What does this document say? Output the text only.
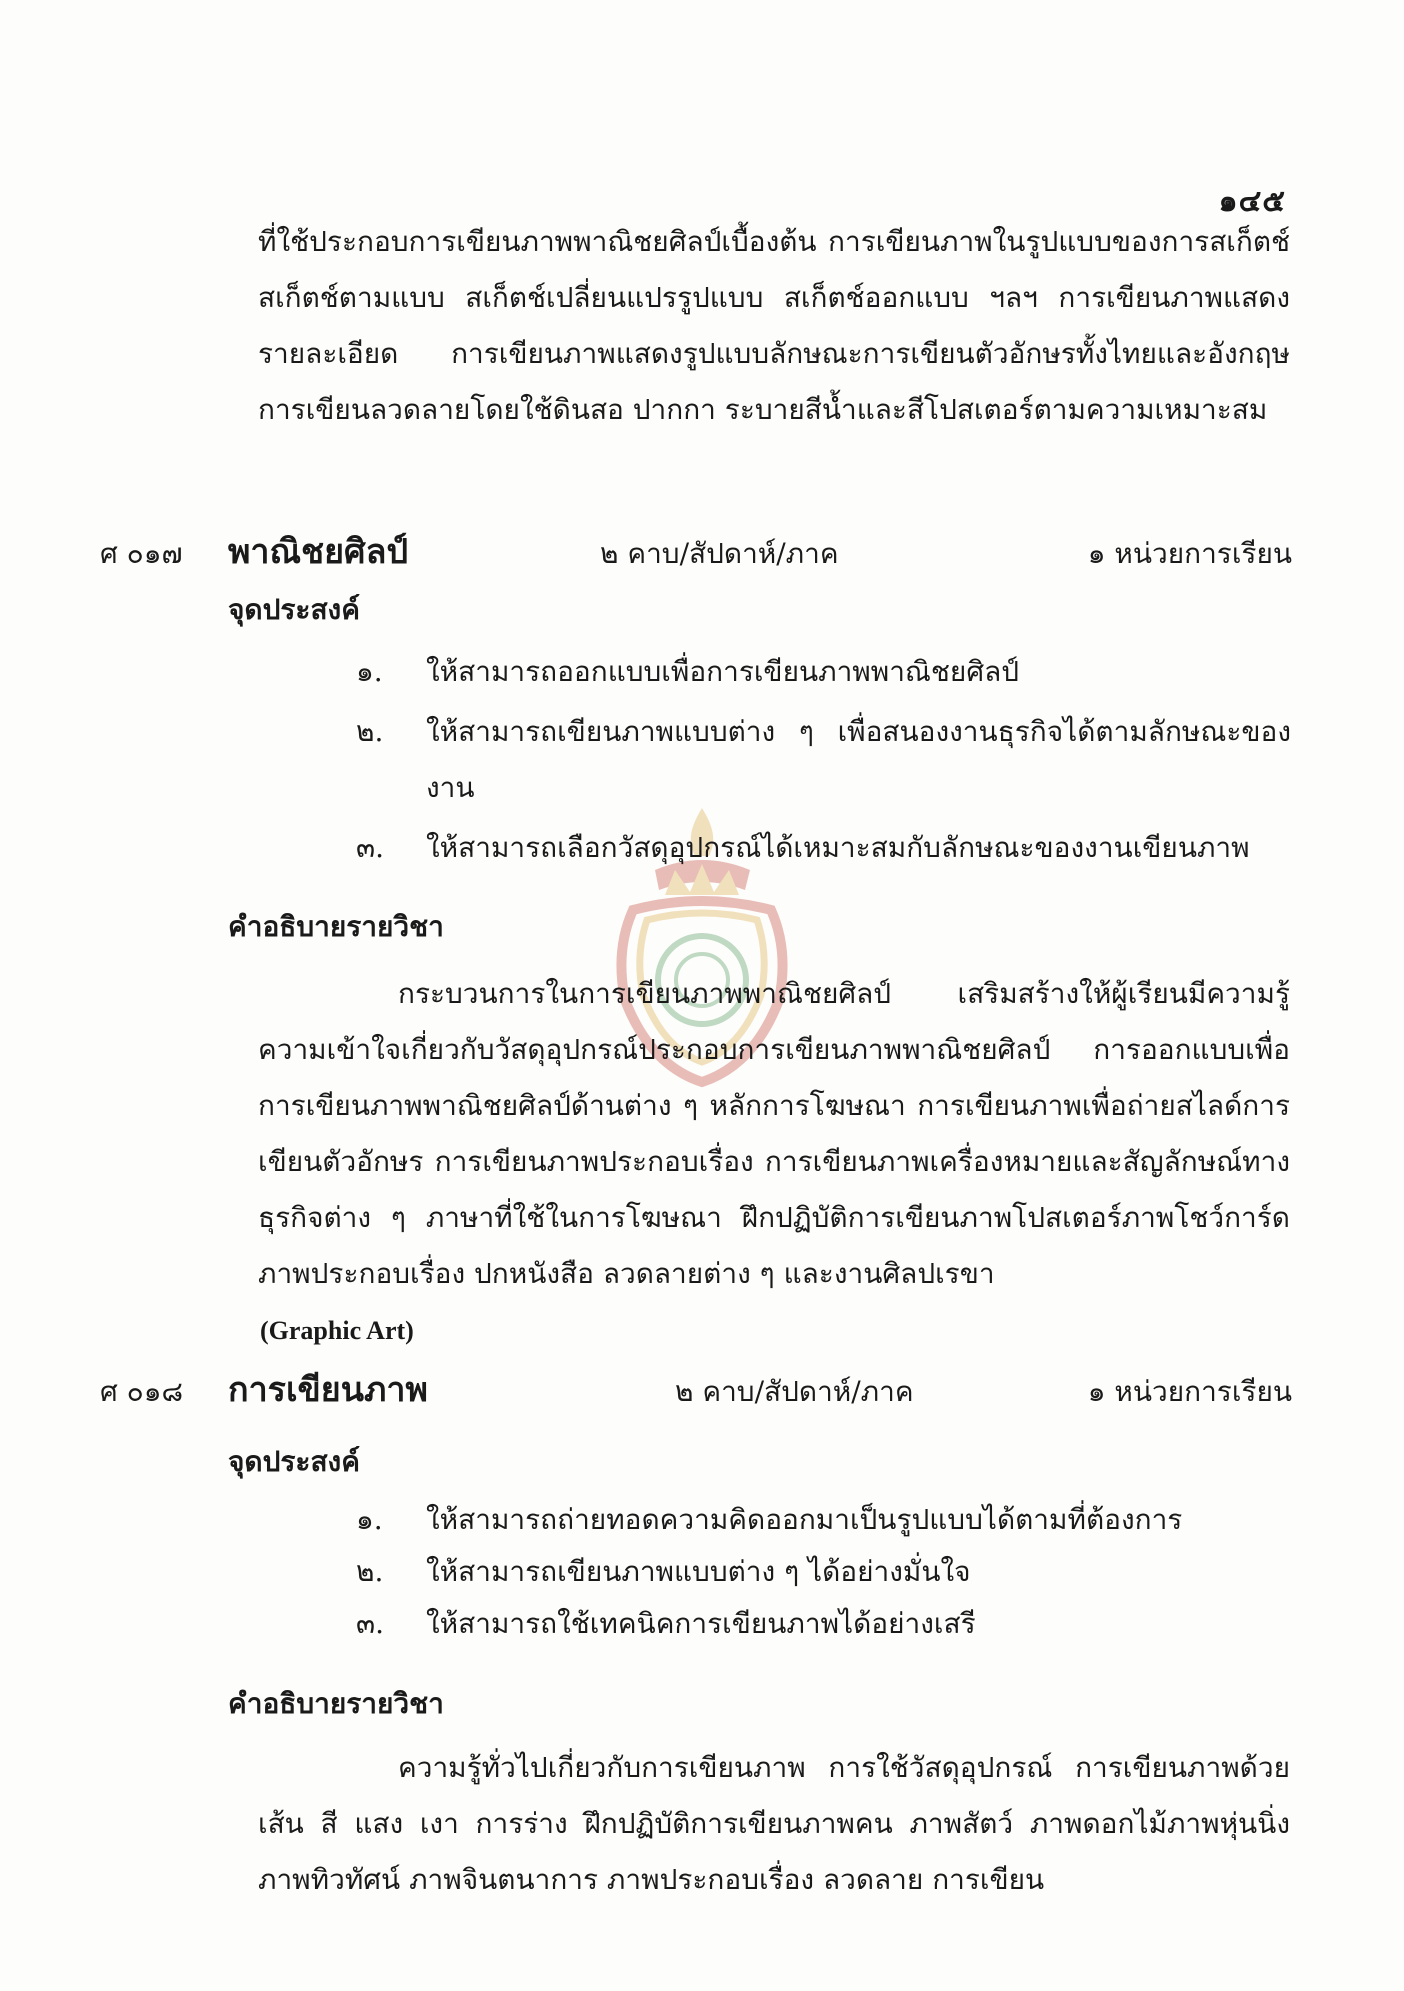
๑๔๕

ที่ใช้ประกอบการเขียนภาพพาณิชยศิลป์เบื้องต้น การเขียนภาพในรูปแบบของการสเก็ตช์ สเก็ตช์ตามแบบ สเก็ตช์เปลี่ยนแปรรูปแบบ สเก็ตช์ออกแบบ ฯลฯ การเขียนภาพแสดงรายละเอียด การเขียนภาพแสดงรูปแบบลักษณะการเขียนตัวอักษรทั้งไทยและอังกฤษ การเขียนลวดลายโดยใช้ดินสอ ปากกา ระบายสีน้ำและสีโปสเตอร์ตามความเหมาะสม

ศ ๐๑๗ พาณิชยศิลป์	๒ คาบ/สัปดาห์/ภาค	๑ หน่วยการเรียน
จุดประสงค์
๑. ให้สามารถออกแบบเพื่อการเขียนภาพพาณิชยศิลป์
๒. ให้สามารถเขียนภาพแบบต่าง ๆ เพื่อสนองงานธุรกิจได้ตามลักษณะของงาน
๓. ให้สามารถเลือกวัสดุอุปกรณ์ได้เหมาะสมกับลักษณะของงานเขียนภาพ
คำอธิบายรายวิชา

กระบวนการในการเขียนภาพพาณิชยศิลป์ เสริมสร้างให้ผู้เรียนมีความรู้ความเข้าใจเกี่ยวกับวัสดุอุปกรณ์ประกอบการเขียนภาพพาณิชยศิลป์ การออกแบบเพื่อการเขียนภาพพาณิชยศิลป์ด้านต่าง ๆ หลักการโฆษณา การเขียนภาพเพื่อถ่ายสไลด์การเขียนตัวอักษร การเขียนภาพประกอบเรื่อง การเขียนภาพเครื่องหมายและสัญลักษณ์ทางธุรกิจต่าง ๆ ภาษาที่ใช้ในการโฆษณา ฝึกปฏิบัติการเขียนภาพโปสเตอร์ภาพโชว์การ์ด ภาพประกอบเรื่อง ปกหนังสือ ลวดลายต่าง ๆ และงานศิลปเรขา

(Graphic Art)
ศ ๐๑๘ การเขียนภาพ	๒ คาบ/สัปดาห์/ภาค	๑ หน่วยการเรียน
จุดประสงค์
๑. ให้สามารถถ่ายทอดความคิดออกมาเป็นรูปแบบได้ตามที่ต้องการ
๒. ให้สามารถเขียนภาพแบบต่าง ๆ ได้อย่างมั่นใจ
๓. ให้สามารถใช้เทคนิคการเขียนภาพได้อย่างเสรี
คำอธิบายรายวิชา

ความรู้ทั่วไปเกี่ยวกับการเขียนภาพ การใช้วัสดุอุปกรณ์ การเขียนภาพด้วยเส้น สี แสง เงา การร่าง ฝึกปฏิบัติการเขียนภาพคน ภาพสัตว์ ภาพดอกไม้ภาพหุ่นนิ่ง ภาพทิวทัศน์ ภาพจินตนาการ ภาพประกอบเรื่อง ลวดลาย การเขียน
